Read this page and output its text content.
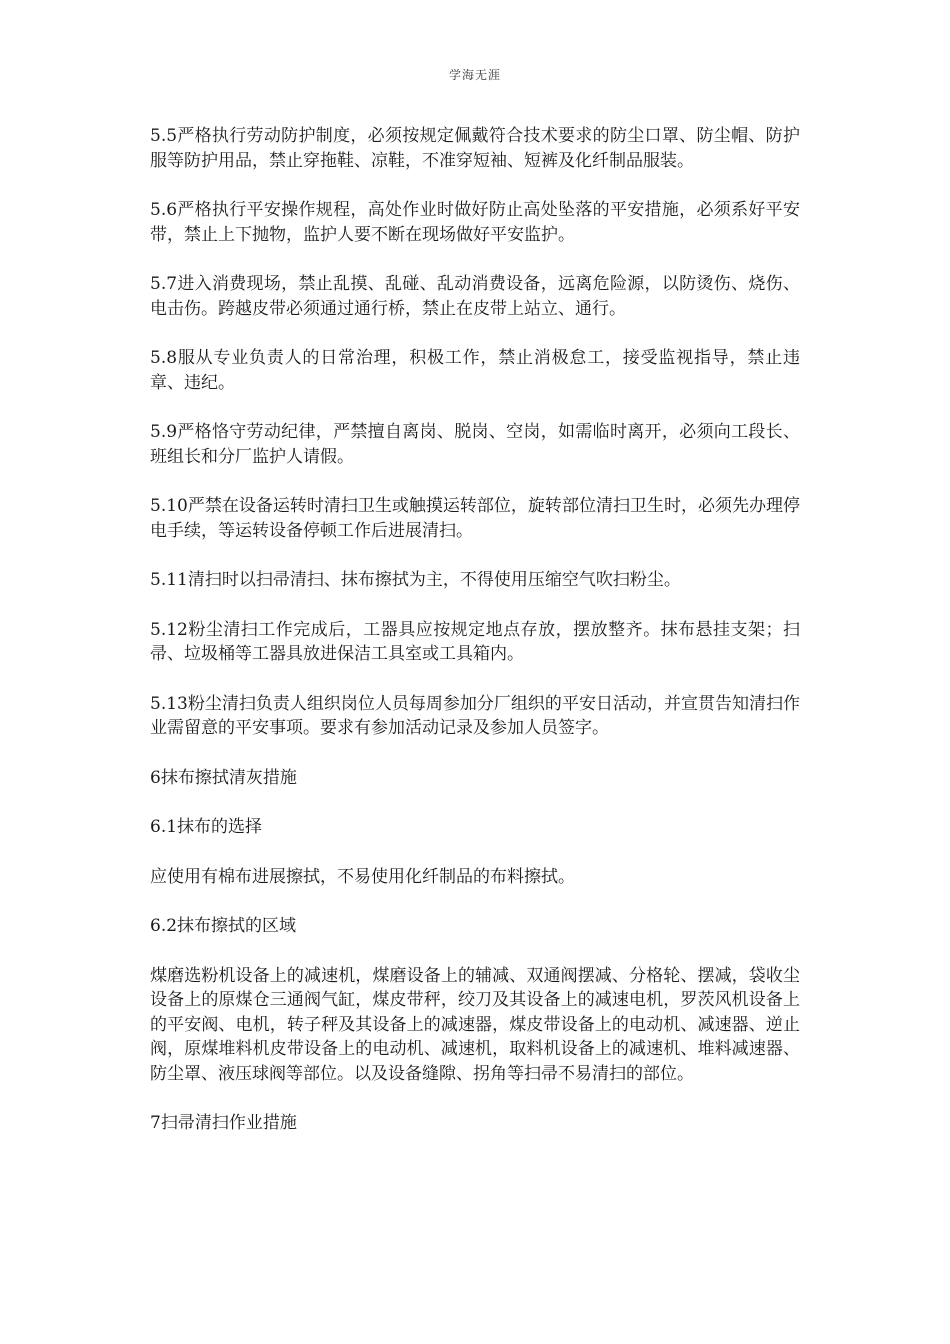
学海无涯

5.5严格执行劳动防护制度，必须按规定佩戴符合技术要求的防尘口罩、防尘帽、防护服等防护用品，禁止穿拖鞋、凉鞋，不准穿短袖、短裤及化纤制品服装。

5.6严格执行平安操作规程，高处作业时做好防止高处坠落的平安措施，必须系好平安带，禁止上下抛物，监护人要不断在现场做好平安监护。

5.7进入消费现场，禁止乱摸、乱碰、乱动消费设备，远离危险源，以防烫伤、烧伤、电击伤。跨越皮带必须通过通行桥，禁止在皮带上站立、通行。

5.8服从专业负责人的日常治理，积极工作，禁止消极怠工，接受监视指导，禁止违章、违纪。

5.9严格恪守劳动纪律，严禁擅自离岗、脱岗、空岗，如需临时离开，必须向工段长、班组长和分厂监护人请假。

5.10严禁在设备运转时清扫卫生或触摸运转部位，旋转部位清扫卫生时，必须先办理停电手续，等运转设备停顿工作后进展清扫。

5.11清扫时以扫帚清扫、抹布擦拭为主，不得使用压缩空气吹扫粉尘。

5.12粉尘清扫工作完成后，工器具应按规定地点存放，摆放整齐。抹布悬挂支架；扫帚、垃圾桶等工器具放进保洁工具室或工具箱内。

5.13粉尘清扫负责人组织岗位人员每周参加分厂组织的平安日活动，并宣贯告知清扫作业需留意的平安事项。要求有参加活动记录及参加人员签字。

6抹布擦拭清灰措施

6.1抹布的选择

应使用有棉布进展擦拭，不易使用化纤制品的布料擦拭。

6.2抹布擦拭的区域

煤磨选粉机设备上的减速机，煤磨设备上的辅减、双通阀摆减、分格轮、摆减，袋收尘设备上的原煤仓三通阀气缸，煤皮带秤，绞刀及其设备上的减速电机，罗茨风机设备上的平安阀、电机，转子秤及其设备上的减速器，煤皮带设备上的电动机、减速器、逆止阀，原煤堆料机皮带设备上的电动机、减速机，取料机设备上的减速机、堆料减速器、防尘罩、液压球阀等部位。以及设备缝隙、拐角等扫帚不易清扫的部位。

7扫帚清扫作业措施
